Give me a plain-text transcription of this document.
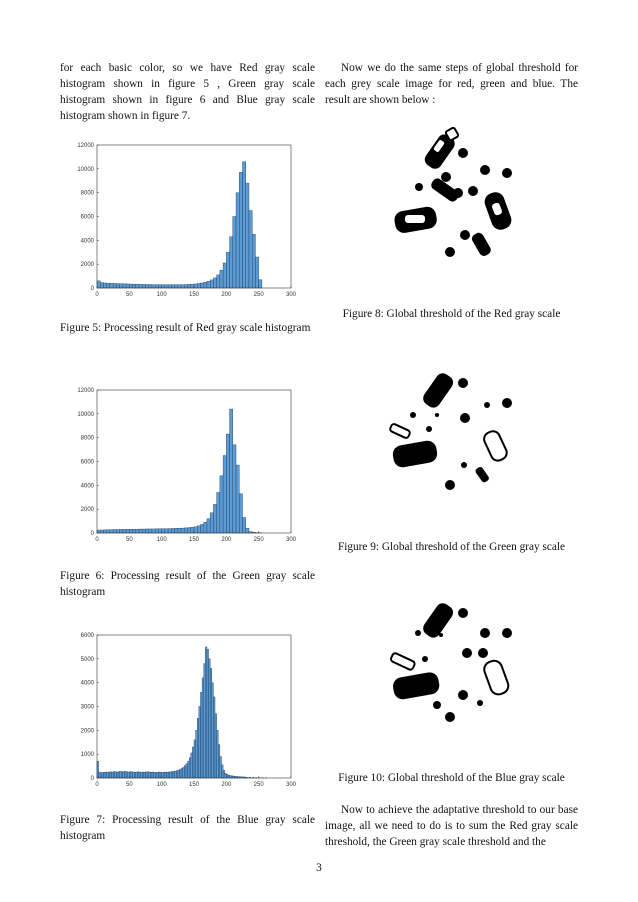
for each basic color, so we have Red gray scale histogram shown in figure 5 , Green gray scale histogram shown in figure 6 and Blue gray scale histogram shown in figure 7.

Now we do the same steps of global threshold for each grey scale image for red, green and blue. The result are shown below :

0	50	100	150	200	250	300
0
2000
4000
6000
8000
10000
12000

Figure 5: Processing result of Red gray scale histogram

0	50	100	150	200	250	300
0
2000
4000
6000
8000
10000
12000

Figure 6: Processing result of the Green gray scale histogram

0	50	100	150	200	250	300
0
1000
2000
3000
4000
5000
6000

Figure 7: Processing result of the Blue gray scale histogram

Figure 8: Global threshold of the Red gray scale

Figure 9: Global threshold of the Green gray scale

Figure 10: Global threshold of the Blue gray scale

Now to achieve the adaptative threshold to our base image, all we need to do is to sum the Red gray scale threshold, the Green gray scale threshold and the

3
